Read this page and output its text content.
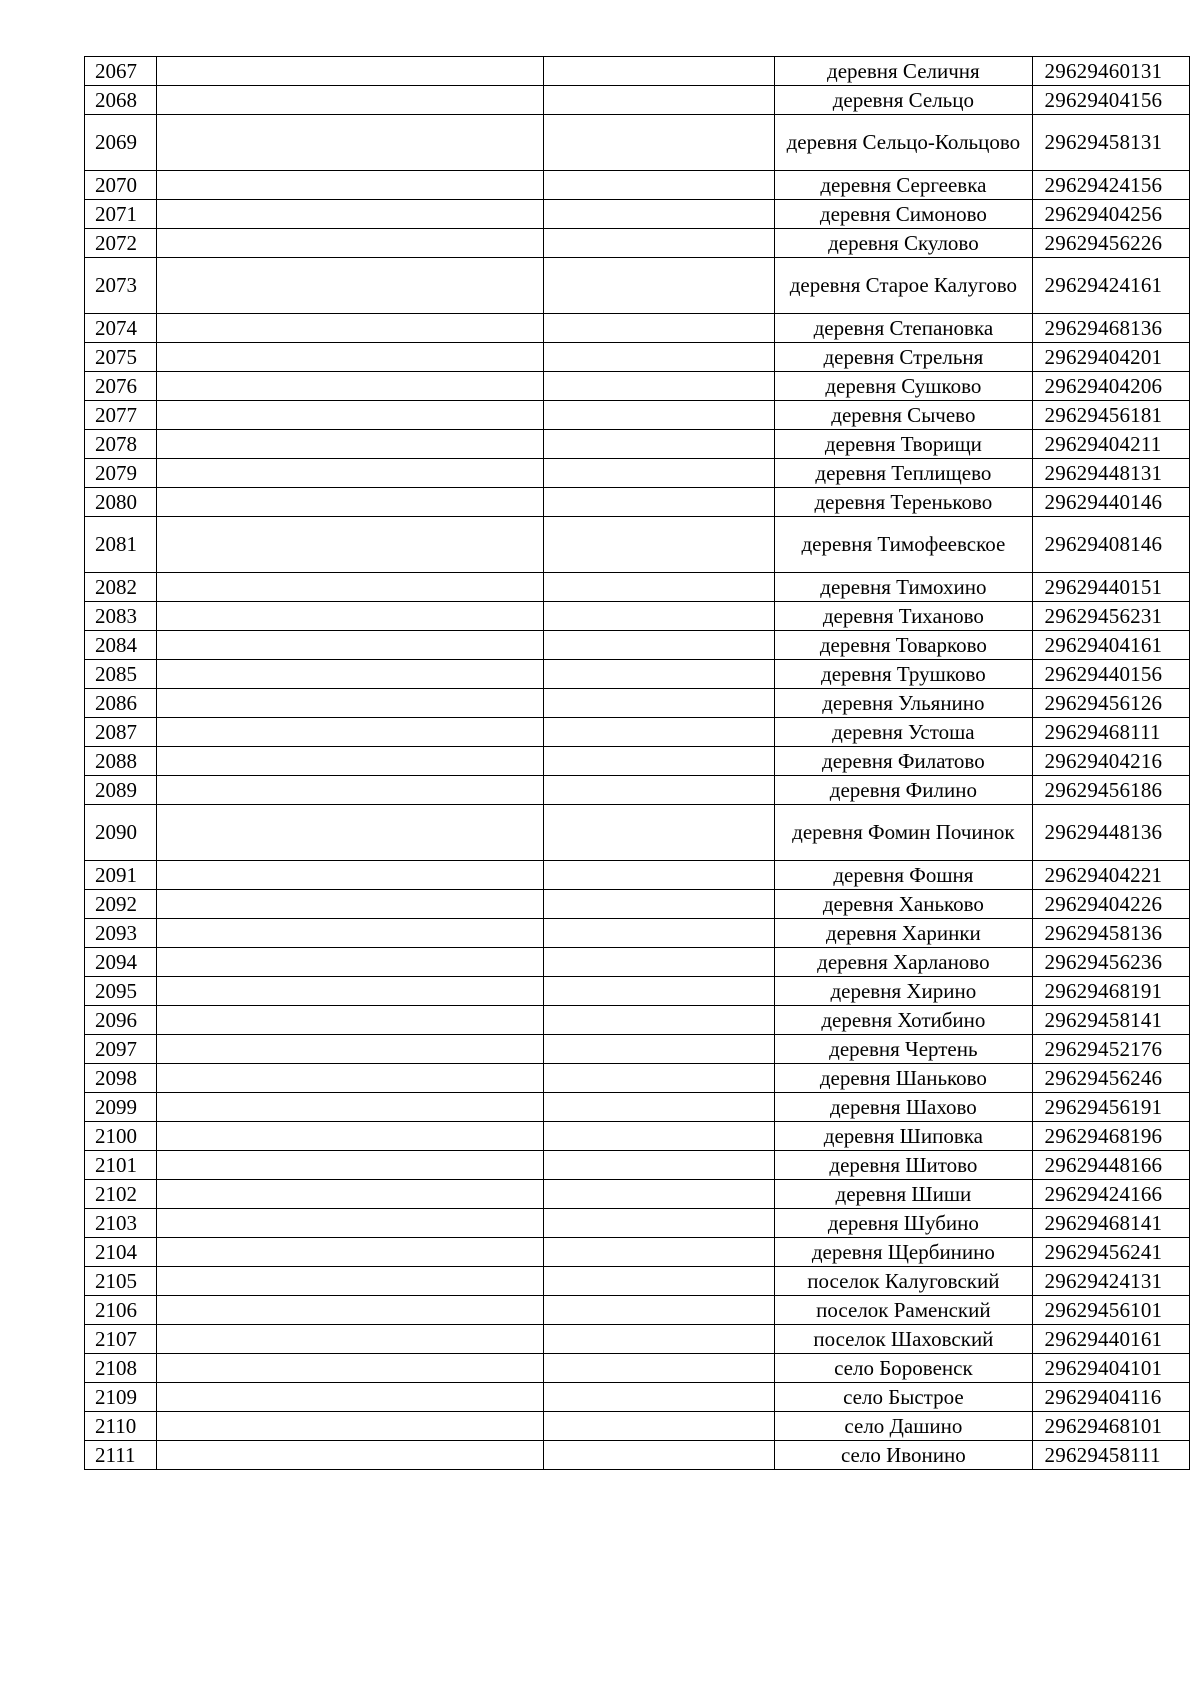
2067			деревня Селичня	29629460131
2068			деревня Сельцо	29629404156
2069			деревня Сельцо-Кольцово	29629458131
2070			деревня Сергеевка	29629424156
2071			деревня Симоново	29629404256
2072			деревня Скулово	29629456226
2073			деревня Старое Калугово	29629424161
2074			деревня Степановка	29629468136
2075			деревня Стрельня	29629404201
2076			деревня Сушково	29629404206
2077			деревня Сычево	29629456181
2078			деревня Творищи	29629404211
2079			деревня Теплищево	29629448131
2080			деревня Тереньково	29629440146
2081			деревня Тимофеевское	29629408146
2082			деревня Тимохино	29629440151
2083			деревня Тиханово	29629456231
2084			деревня Товарково	29629404161
2085			деревня Трушково	29629440156
2086			деревня Ульянино	29629456126
2087			деревня Устоша	29629468111
2088			деревня Филатово	29629404216
2089			деревня Филино	29629456186
2090			деревня Фомин Починок	29629448136
2091			деревня Фошня	29629404221
2092			деревня Ханьково	29629404226
2093			деревня Харинки	29629458136
2094			деревня Харланово	29629456236
2095			деревня Хирино	29629468191
2096			деревня Хотибино	29629458141
2097			деревня Чертень	29629452176
2098			деревня Шаньково	29629456246
2099			деревня Шахово	29629456191
2100			деревня Шиповка	29629468196
2101			деревня Шитово	29629448166
2102			деревня Шиши	29629424166
2103			деревня Шубино	29629468141
2104			деревня Щербинино	29629456241
2105			поселок Калуговский	29629424131
2106			поселок Раменский	29629456101
2107			поселок Шаховский	29629440161
2108			село Боровенск	29629404101
2109			село Быстрое	29629404116
2110			село Дашино	29629468101
2111			село Ивонино	29629458111
